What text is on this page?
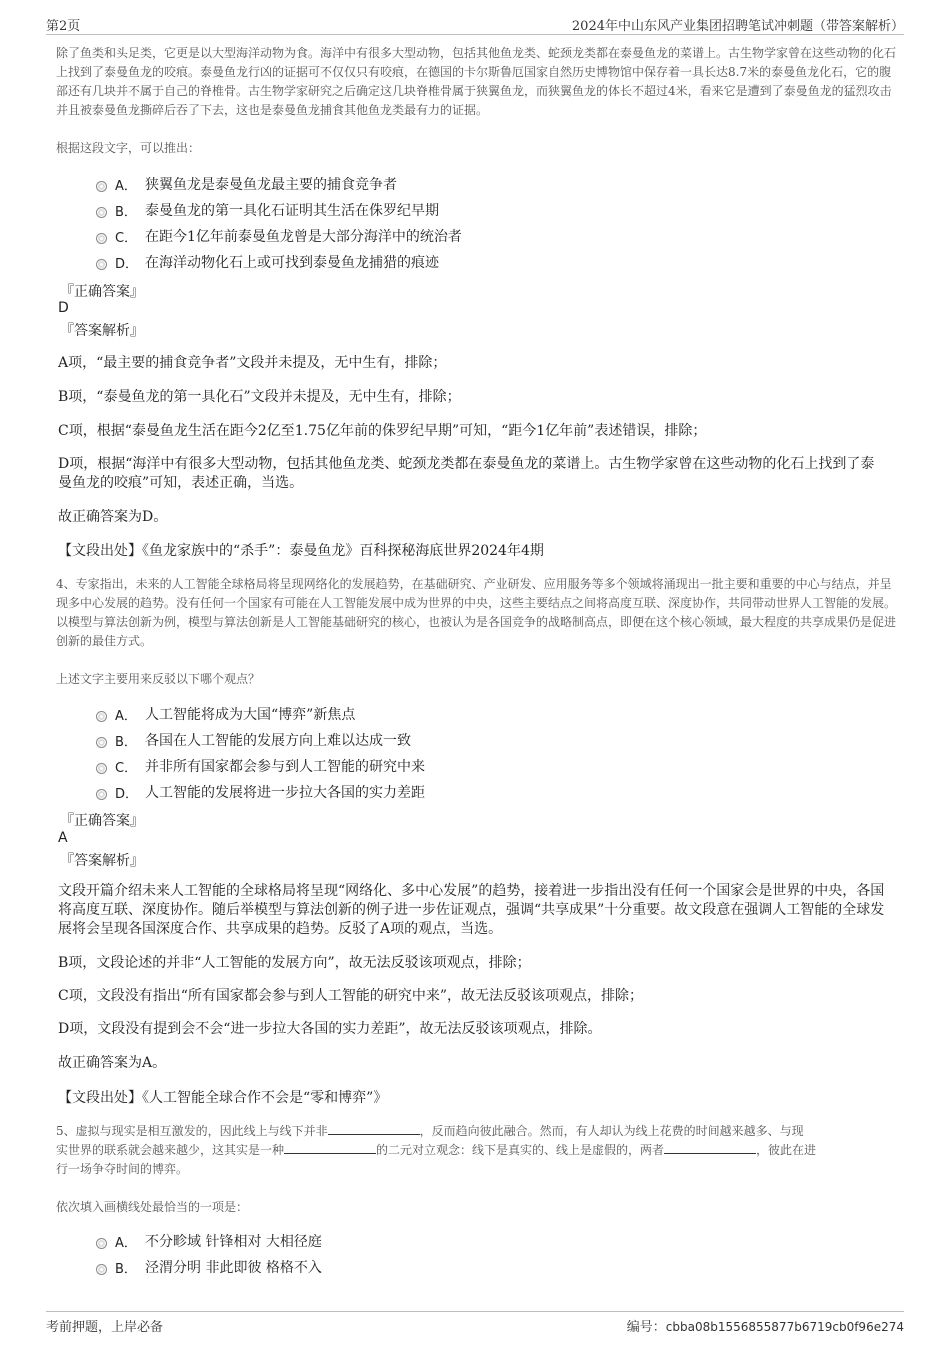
第2页	2024年中山东风产业集团招聘笔试冲刺题（带答案解析）
除了鱼类和头足类，它更是以大型海洋动物为食。海洋中有很多大型动物，包括其他鱼龙类、蛇颈龙类都在泰曼鱼龙的菜谱上。古生物学家曾在这些动物的化石上找到了泰曼鱼龙的咬痕。泰曼鱼龙行凶的证据可不仅仅只有咬痕，在德国的卡尔斯鲁厄国家自然历史博物馆中保存着一具长达8.7米的泰曼鱼龙化石，它的腹部还有几块并不属于自己的脊椎骨。古生物学家研究之后确定这几块脊椎骨属于狭翼鱼龙，而狭翼鱼龙的体长不超过4米，看来它是遭到了泰曼鱼龙的猛烈攻击并且被泰曼鱼龙撕碎后吞了下去，这也是泰曼鱼龙捕食其他鱼龙类最有力的证据。
根据这段文字，可以推出：
A． 狭翼鱼龙是泰曼鱼龙最主要的捕食竞争者
B． 泰曼鱼龙的第一具化石证明其生活在侏罗纪早期
C． 在距今1亿年前泰曼鱼龙曾是大部分海洋中的统治者
D． 在海洋动物化石上或可找到泰曼鱼龙捕猎的痕迹
『正确答案』
D
『答案解析』
A项，“最主要的捕食竞争者”文段并未提及，无中生有，排除；
B项，“泰曼鱼龙的第一具化石”文段并未提及，无中生有，排除；
C项，根据“泰曼鱼龙生活在距今2亿至1.75亿年前的侏罗纪早期”可知，“距今1亿年前”表述错误，排除；
D项，根据“海洋中有很多大型动物，包括其他鱼龙类、蛇颈龙类都在泰曼鱼龙的菜谱上。古生物学家曾在这些动物的化石上找到了泰曼鱼龙的咬痕”可知，表述正确，当选。
故正确答案为D。
【文段出处】《鱼龙家族中的“杀手”：泰曼鱼龙》百科探秘海底世界2024年4期
4、专家指出，未来的人工智能全球格局将呈现网络化的发展趋势，在基础研究、产业研发、应用服务等多个领域将涌现出一批主要和重要的中心与结点，并呈现多中心发展的趋势。没有任何一个国家有可能在人工智能发展中成为世界的中央，这些主要结点之间将高度互联、深度协作，共同带动世界人工智能的发展。以模型与算法创新为例，模型与算法创新是人工智能基础研究的核心，也被认为是各国竞争的战略制高点，即便在这个核心领域，最大程度的共享成果仍是促进创新的最佳方式。
上述文字主要用来反驳以下哪个观点？
A． 人工智能将成为大国“博弈”新焦点
B． 各国在人工智能的发展方向上难以达成一致
C． 并非所有国家都会参与到人工智能的研究中来
D． 人工智能的发展将进一步拉大各国的实力差距
『正确答案』
A
『答案解析』
文段开篇介绍未来人工智能的全球格局将呈现“网络化、多中心发展”的趋势，接着进一步指出没有任何一个国家会是世界的中央，各国将高度互联、深度协作。随后举模型与算法创新的例子进一步佐证观点，强调“共享成果”十分重要。故文段意在强调人工智能的全球发展将会呈现各国深度合作、共享成果的趋势。反驳了A项的观点，当选。
B项，文段论述的并非“人工智能的发展方向”，故无法反驳该项观点，排除；
C项，文段没有指出“所有国家都会参与到人工智能的研究中来”，故无法反驳该项观点，排除；
D项，文段没有提到会不会“进一步拉大各国的实力差距”，故无法反驳该项观点，排除。
故正确答案为A。
【文段出处】《人工智能全球合作不会是“零和博弈”》
5、虚拟与现实是相互激发的，因此线上与线下并非	，反而趋向彼此融合。然而，有人却认为线上花费的时间越来越多、与现
实世界的联系就会越来越少，这其实是一种	的二元对立观念：线下是真实的、线上是虚假的，两者	，彼此在进
行一场争夺时间的博弈。
依次填入画横线处最恰当的一项是：
A． 不分畛域 针锋相对 大相径庭
B． 泾渭分明 非此即彼 格格不入
考前押题，上岸必备	编号：cbba08b1556855877b6719cb0f96e274
